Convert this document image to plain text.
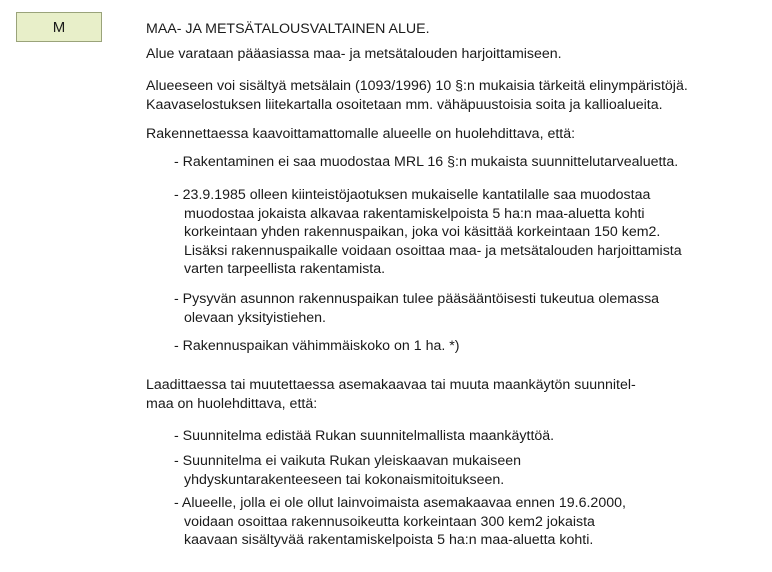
M	MAA- JA METSÄTALOUSVALTAINEN ALUE.
Alue varataan pääasiassa maa- ja metsätalouden harjoittamiseen.
Alueeseen voi sisältyä metsälain (1093/1996) 10 §:n mukaisia tärkeitä elinympäristöjä.
Kaavaselostuksen liitekartalla osoitetaan mm. vähäpuustoisia soita ja kallioalueita.
Rakennettaessa kaavoittamattomalle alueelle on huolehdittava, että:
- Rakentaminen ei saa muodostaa MRL 16 §:n mukaista suunnittelutarvealuetta.
- 23.9.1985 olleen kiinteistöjaotuksen mukaiselle kantatilalle saa muodostaa
muodostaa jokaista alkavaa rakentamiskelpoista 5 ha:n maa-aluetta kohti
korkeintaan yhden rakennuspaikan, joka voi käsittää korkeintaan 150 kem2.
Lisäksi rakennuspaikalle voidaan osoittaa maa- ja metsätalouden harjoittamista
varten tarpeellista rakentamista.
- Pysyvän asunnon rakennuspaikan tulee pääsääntöisesti tukeutua olemassa
olevaan yksityistiehen.
- Rakennuspaikan vähimmäiskoko on 1 ha. *)
Laadittaessa tai muutettaessa asemakaavaa tai muuta maankäytön suunnitel-
maa on huolehdittava, että:
- Suunnitelma edistää Rukan suunnitelmallista maankäyttöä.
- Suunnitelma ei vaikuta Rukan yleiskaavan mukaiseen
yhdyskuntarakenteeseen tai kokonaismitoitukseen.
- Alueelle, jolla ei ole ollut lainvoimaista asemakaavaa ennen 19.6.2000,
voidaan osoittaa rakennusoikeutta korkeintaan 300 kem2 jokaista
kaavaan sisältyvää rakentamiskelpoista 5 ha:n maa-aluetta kohti.
